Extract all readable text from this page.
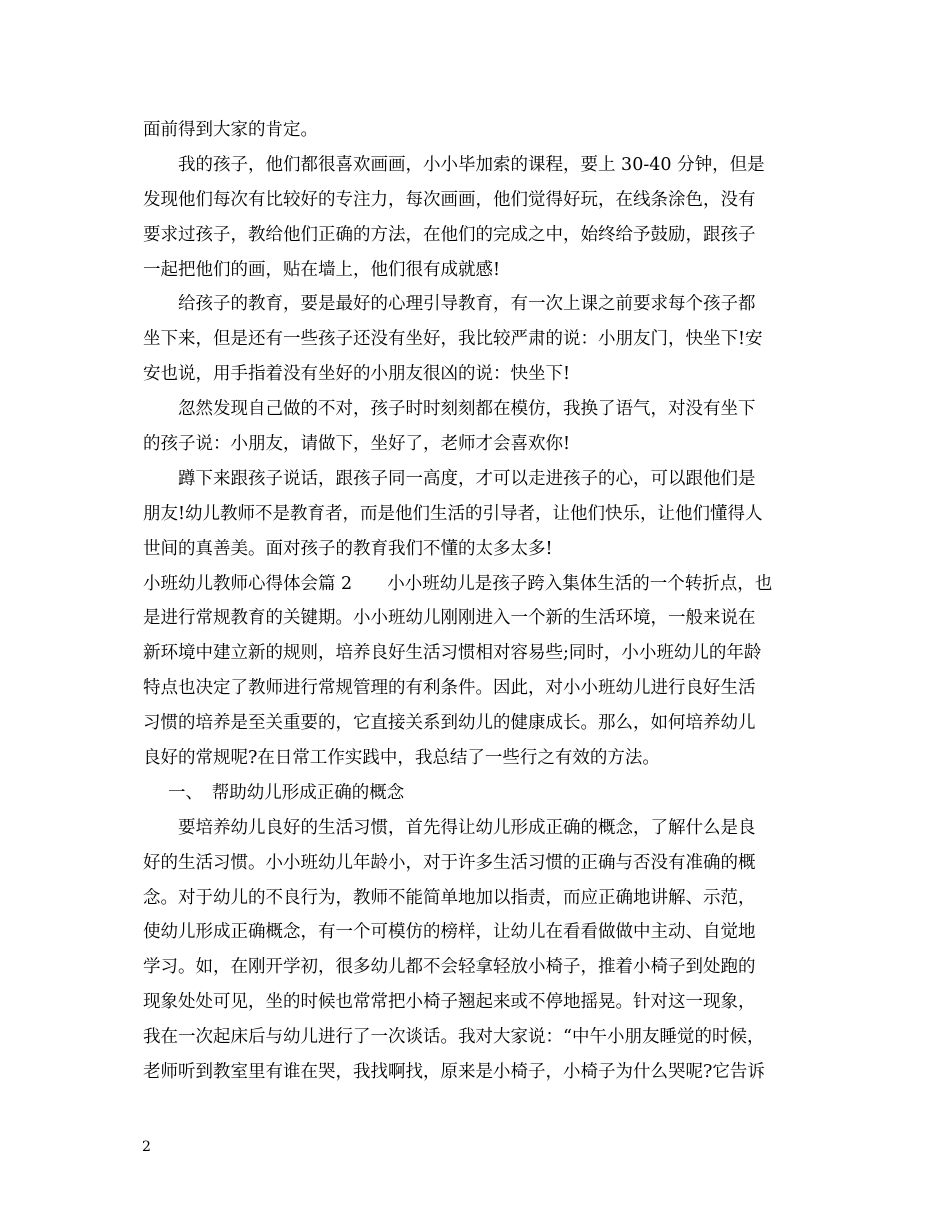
面前得到大家的肯定。
我的孩子，他们都很喜欢画画，小小毕加索的课程，要上 30-40 分钟，但是
发现他们每次有比较好的专注力，每次画画，他们觉得好玩，在线条涂色，没有
要求过孩子，教给他们正确的方法，在他们的完成之中，始终给予鼓励，跟孩子
一起把他们的画，贴在墙上，他们很有成就感!
给孩子的教育，要是最好的心理引导教育，有一次上课之前要求每个孩子都
坐下来，但是还有一些孩子还没有坐好，我比较严肃的说：小朋友门，快坐下!安
安也说，用手指着没有坐好的小朋友很凶的说：快坐下!
忽然发现自己做的不对，孩子时时刻刻都在模仿，我换了语气，对没有坐下
的孩子说：小朋友，请做下，坐好了，老师才会喜欢你!
蹲下来跟孩子说话，跟孩子同一高度，才可以走进孩子的心，可以跟他们是
朋友!幼儿教师不是教育者，而是他们生活的引导者，让他们快乐，让他们懂得人
世间的真善美。面对孩子的教育我们不懂的太多太多!
小班幼儿教师心得体会篇 2　　小小班幼儿是孩子跨入集体生活的一个转折点，也
是进行常规教育的关键期。小小班幼儿刚刚进入一个新的生活环境，一般来说在
新环境中建立新的规则，培养良好生活习惯相对容易些;同时，小小班幼儿的年龄
特点也决定了教师进行常规管理的有利条件。因此，对小小班幼儿进行良好生活
习惯的培养是至关重要的，它直接关系到幼儿的健康成长。那么，如何培养幼儿
良好的常规呢?在日常工作实践中，我总结了一些行之有效的方法。
一、　帮助幼儿形成正确的概念
要培养幼儿良好的生活习惯，首先得让幼儿形成正确的概念，了解什么是良
好的生活习惯。小小班幼儿年龄小，对于许多生活习惯的正确与否没有准确的概
念。对于幼儿的不良行为，教师不能简单地加以指责，而应正确地讲解、示范，
使幼儿形成正确概念，有一个可模仿的榜样，让幼儿在看看做做中主动、自觉地
学习。如，在刚开学初，很多幼儿都不会轻拿轻放小椅子，推着小椅子到处跑的
现象处处可见，坐的时候也常常把小椅子翘起来或不停地摇晃。针对这一现象，
我在一次起床后与幼儿进行了一次谈话。我对大家说：“中午小朋友睡觉的时候，
老师听到教室里有谁在哭，我找啊找，原来是小椅子，小椅子为什么哭呢?它告诉
2
